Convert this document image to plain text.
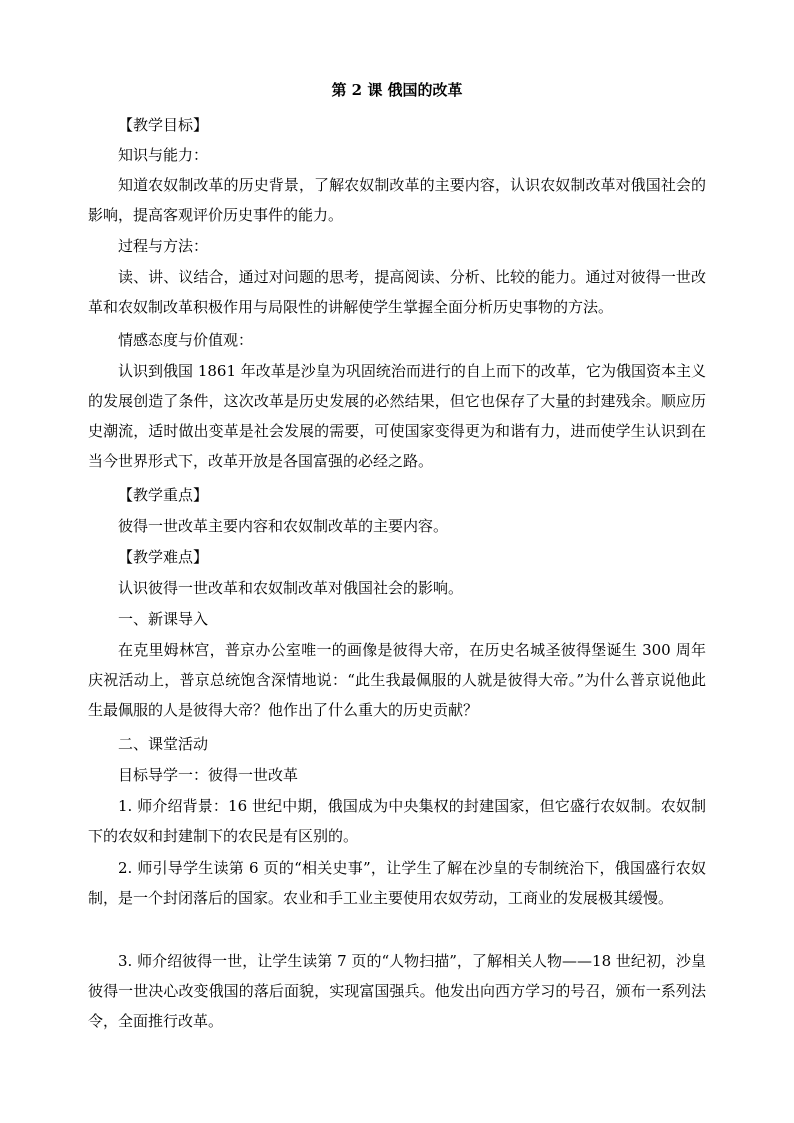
第 2 课 俄国的改革

【教学目标】

知识与能力：

知道农奴制改革的历史背景，了解农奴制改革的主要内容，认识农奴制改革对俄国社会的影响，提高客观评价历史事件的能力。

过程与方法：

读、讲、议结合，通过对问题的思考，提高阅读、分析、比较的能力。通过对彼得一世改革和农奴制改革积极作用与局限性的讲解使学生掌握全面分析历史事物的方法。

情感态度与价值观：

认识到俄国 1861 年改革是沙皇为巩固统治而进行的自上而下的改革，它为俄国资本主义的发展创造了条件，这次改革是历史发展的必然结果，但它也保存了大量的封建残余。顺应历史潮流，适时做出变革是社会发展的需要，可使国家变得更为和谐有力，进而使学生认识到在当今世界形式下，改革开放是各国富强的必经之路。

【教学重点】

彼得一世改革主要内容和农奴制改革的主要内容。

【教学难点】

认识彼得一世改革和农奴制改革对俄国社会的影响。

一、新课导入

在克里姆林宫，普京办公室唯一的画像是彼得大帝，在历史名城圣彼得堡诞生 300 周年庆祝活动上，普京总统饱含深情地说：“此生我最佩服的人就是彼得大帝。”为什么普京说他此生最佩服的人是彼得大帝？他作出了什么重大的历史贡献？

二、课堂活动

目标导学一：彼得一世改革

1. 师介绍背景：16 世纪中期，俄国成为中央集权的封建国家，但它盛行农奴制。农奴制下的农奴和封建制下的农民是有区别的。

2. 师引导学生读第 6 页的“相关史事”，让学生了解在沙皇的专制统治下，俄国盛行农奴制，是一个封闭落后的国家。农业和手工业主要使用农奴劳动，工商业的发展极其缓慢。

3. 师介绍彼得一世，让学生读第 7 页的“人物扫描”，了解相关人物——18 世纪初，沙皇彼得一世决心改变俄国的落后面貌，实现富国强兵。他发出向西方学习的号召，颁布一系列法令，全面推行改革。
